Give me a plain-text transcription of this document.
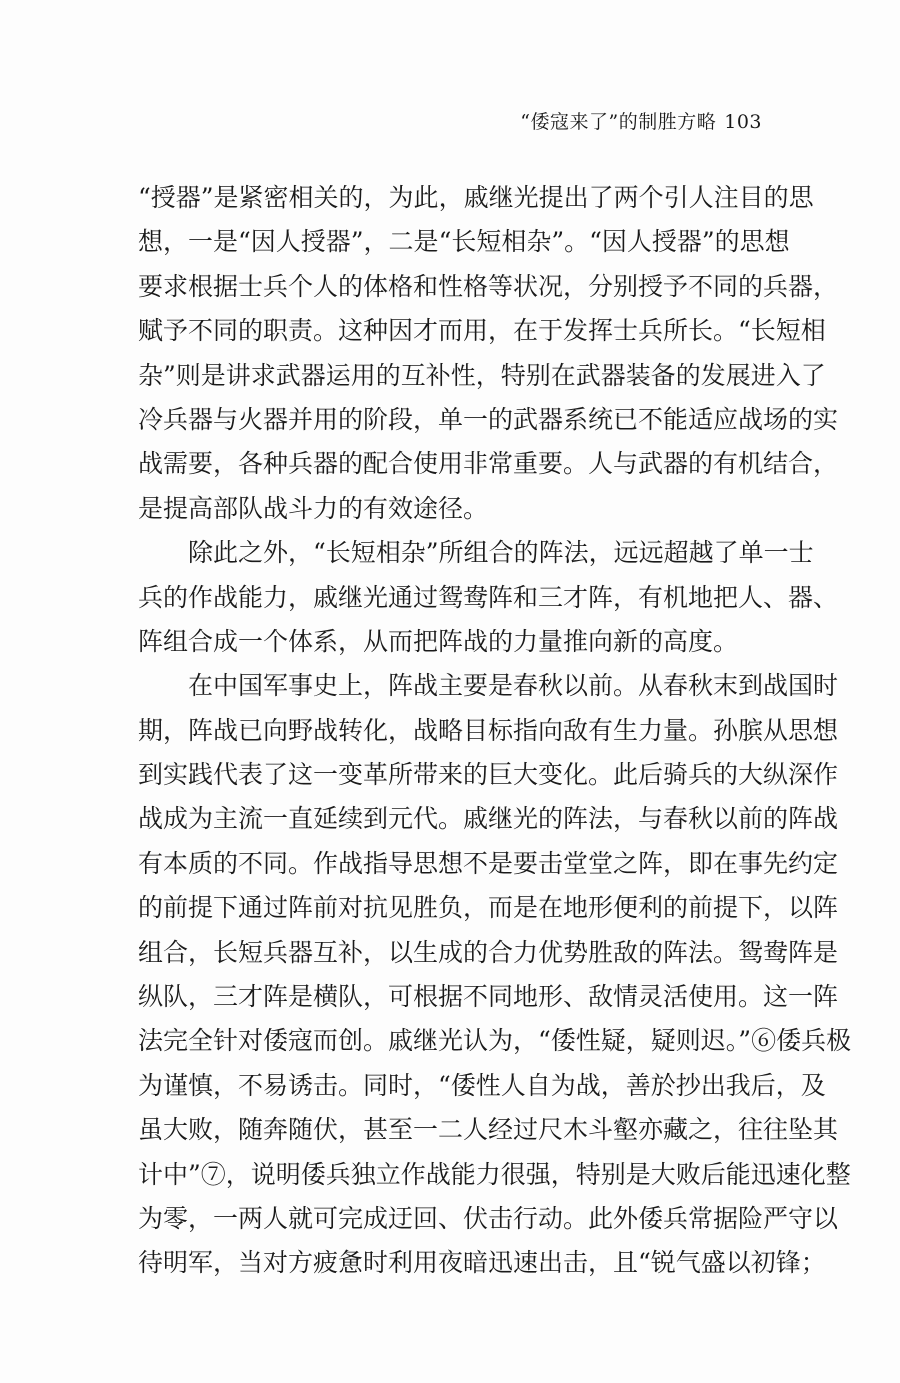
“倭寇来了”的制胜方略 103
“授器”是紧密相关的，为此，戚继光提出了两个引人注目的思
想，一是“因人授器”，二是“长短相杂”。“因人授器”的思想
要求根据士兵个人的体格和性格等状况，分别授予不同的兵器，
赋予不同的职责。这种因才而用，在于发挥士兵所长。“长短相
杂”则是讲求武器运用的互补性，特别在武器装备的发展进入了
冷兵器与火器并用的阶段，单一的武器系统已不能适应战场的实
战需要，各种兵器的配合使用非常重要。人与武器的有机结合，
是提高部队战斗力的有效途径。
除此之外，“长短相杂”所组合的阵法，远远超越了单一士
兵的作战能力，戚继光通过鸳鸯阵和三才阵，有机地把人、器、
阵组合成一个体系，从而把阵战的力量推向新的高度。
在中国军事史上，阵战主要是春秋以前。从春秋末到战国时
期，阵战已向野战转化，战略目标指向敌有生力量。孙膑从思想
到实践代表了这一变革所带来的巨大变化。此后骑兵的大纵深作
战成为主流一直延续到元代。戚继光的阵法，与春秋以前的阵战
有本质的不同。作战指导思想不是要击堂堂之阵，即在事先约定
的前提下通过阵前对抗见胜负，而是在地形便利的前提下，以阵
组合，长短兵器互补，以生成的合力优势胜敌的阵法。鸳鸯阵是
纵队，三才阵是横队，可根据不同地形、敌情灵活使用。这一阵
法完全针对倭寇而创。戚继光认为，“倭性疑，疑则迟。”⑥倭兵极
为谨慎，不易诱击。同时，“倭性人自为战，善於抄出我后，及
虽大败，随奔随伏，甚至一二人经过尺木斗壑亦藏之，往往坠其
计中”⑦，说明倭兵独立作战能力很强，特别是大败后能迅速化整
为零，一两人就可完成迂回、伏击行动。此外倭兵常据险严守以
待明军，当对方疲惫时利用夜暗迅速出击，且“锐气盛以初锋；
